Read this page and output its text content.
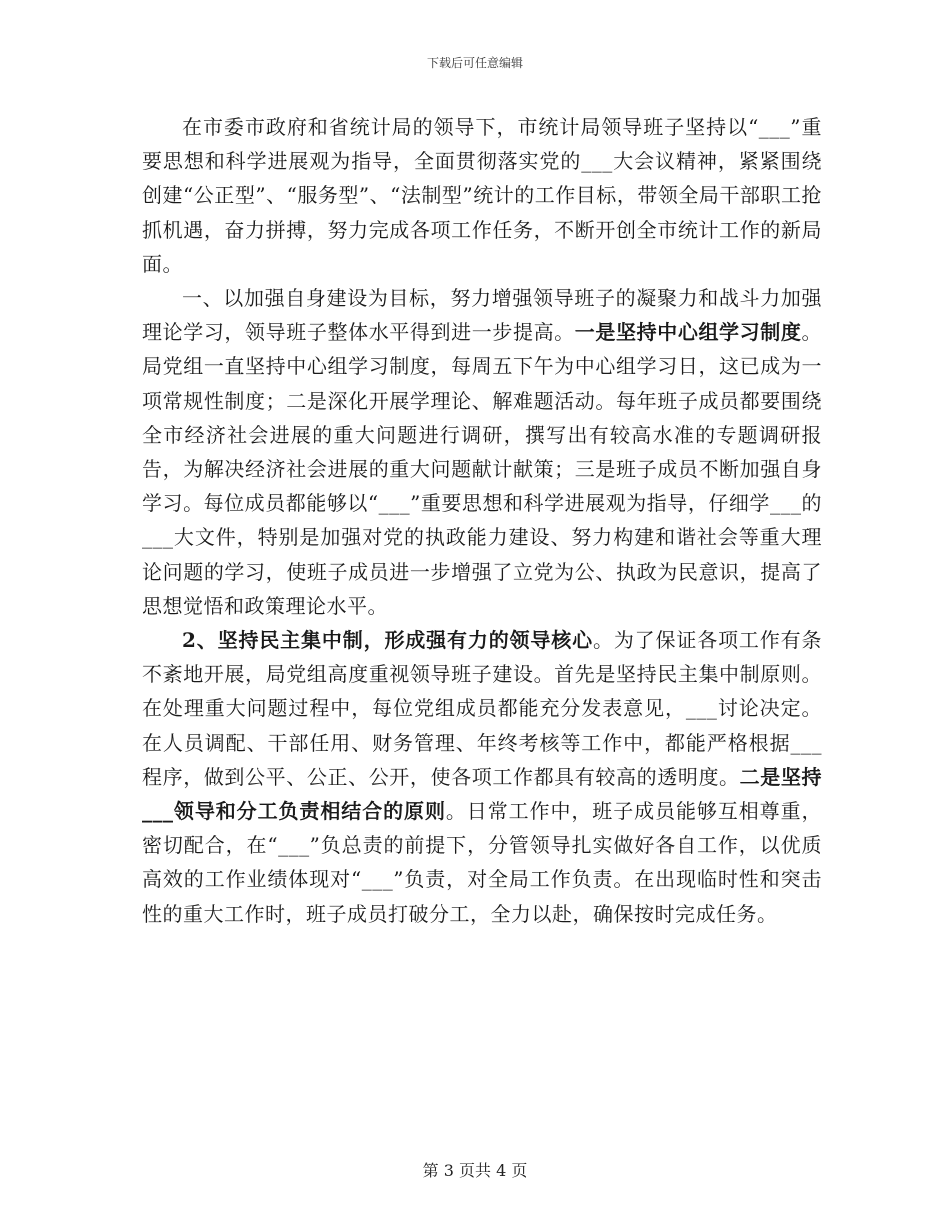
下载后可任意编辑

在市委市政府和省统计局的领导下，市统计局领导班子坚持以“___”重要思想和科学进展观为指导，全面贯彻落实党的___大会议精神，紧紧围绕创建“公正型”、“服务型”、“法制型”统计的工作目标，带领全局干部职工抢抓机遇，奋力拼搏，努力完成各项工作任务，不断开创全市统计工作的新局面。

一、以加强自身建设为目标，努力增强领导班子的凝聚力和战斗力加强理论学习，领导班子整体水平得到进一步提高。一是坚持中心组学习制度。局党组一直坚持中心组学习制度，每周五下午为中心组学习日，这已成为一项常规性制度；二是深化开展学理论、解难题活动。每年班子成员都要围绕全市经济社会进展的重大问题进行调研，撰写出有较高水准的专题调研报告，为解决经济社会进展的重大问题献计献策；三是班子成员不断加强自身学习。每位成员都能够以“___”重要思想和科学进展观为指导，仔细学___的___大文件，特别是加强对党的执政能力建设、努力构建和谐社会等重大理论问题的学习，使班子成员进一步增强了立党为公、执政为民意识，提高了思想觉悟和政策理论水平。

2、坚持民主集中制，形成强有力的领导核心。为了保证各项工作有条不紊地开展，局党组高度重视领导班子建设。首先是坚持民主集中制原则。在处理重大问题过程中，每位党组成员都能充分发表意见，___讨论决定。在人员调配、干部任用、财务管理、年终考核等工作中，都能严格根据___程序，做到公平、公正、公开，使各项工作都具有较高的透明度。二是坚持___领导和分工负责相结合的原则。日常工作中，班子成员能够互相尊重，密切配合，在“___”负总责的前提下，分管领导扎实做好各自工作，以优质高效的工作业绩体现对“___”负责，对全局工作负责。在出现临时性和突击性的重大工作时，班子成员打破分工，全力以赴，确保按时完成任务。

第 3 页共 4 页
